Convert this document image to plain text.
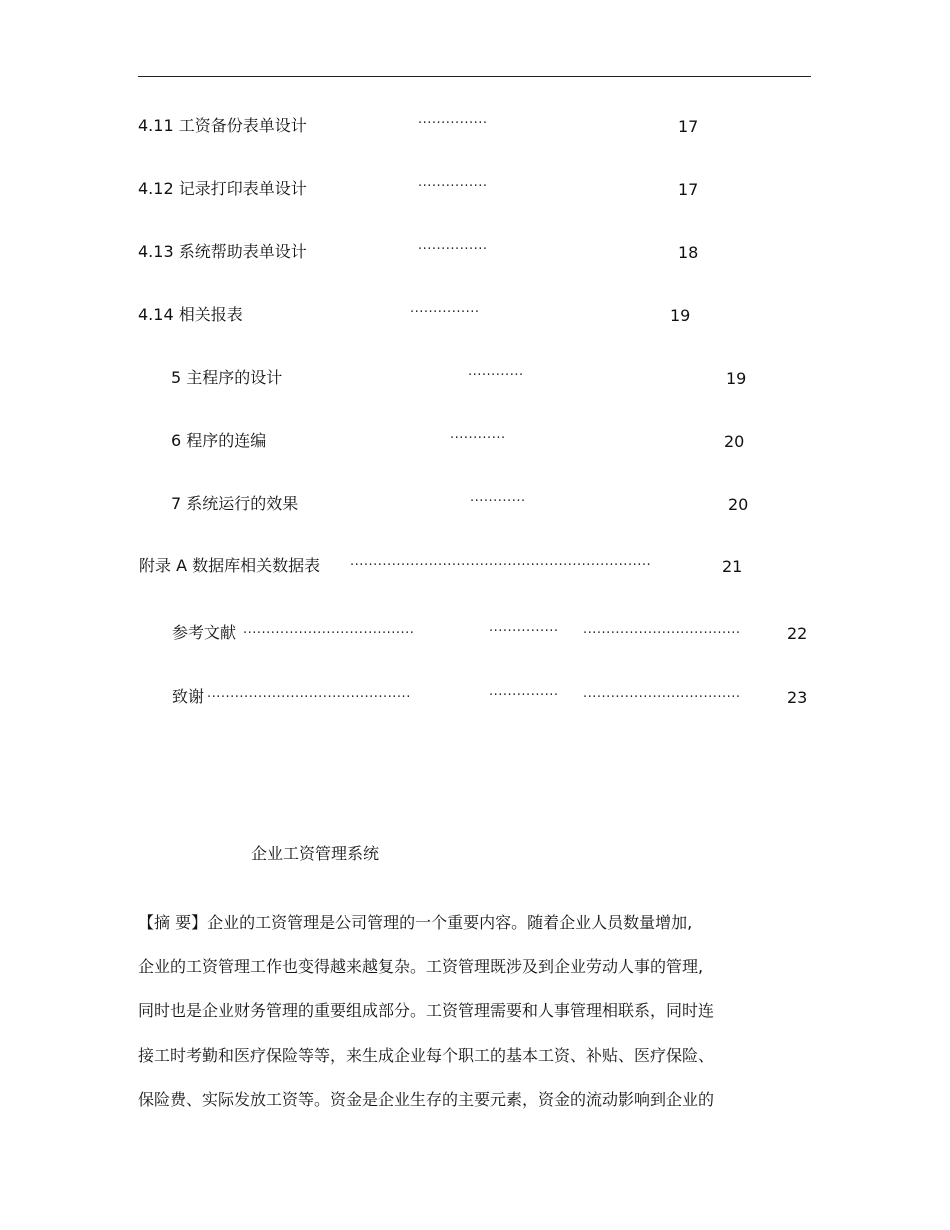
4.11 工资备份表单设计	···············	17
4.12 记录打印表单设计	···············	17
4.13 系统帮助表单设计	···············	18
4.14 相关报表	···············	19
5 主程序的设计	············	19
6 程序的连编	············	20
7 系统运行的效果	············	20
附录 A 数据库相关数据表 ·································································	21
参考文献 ·····································	··············· ··································	22
致谢 ············································	··············· ··································	23
企业工资管理系统

【摘 要】企业的工资管理是公司管理的一个重要内容。随着企业人员数量增加,

企业的工资管理工作也变得越来越复杂。工资管理既涉及到企业劳动人事的管理,

同时也是企业财务管理的重要组成部分。工资管理需要和人事管理相联系，同时连

接工时考勤和医疗保险等等，来生成企业每个职工的基本工资、补贴、医疗保险、

保险费、实际发放工资等。资金是企业生存的主要元素，资金的流动影响到企业的
